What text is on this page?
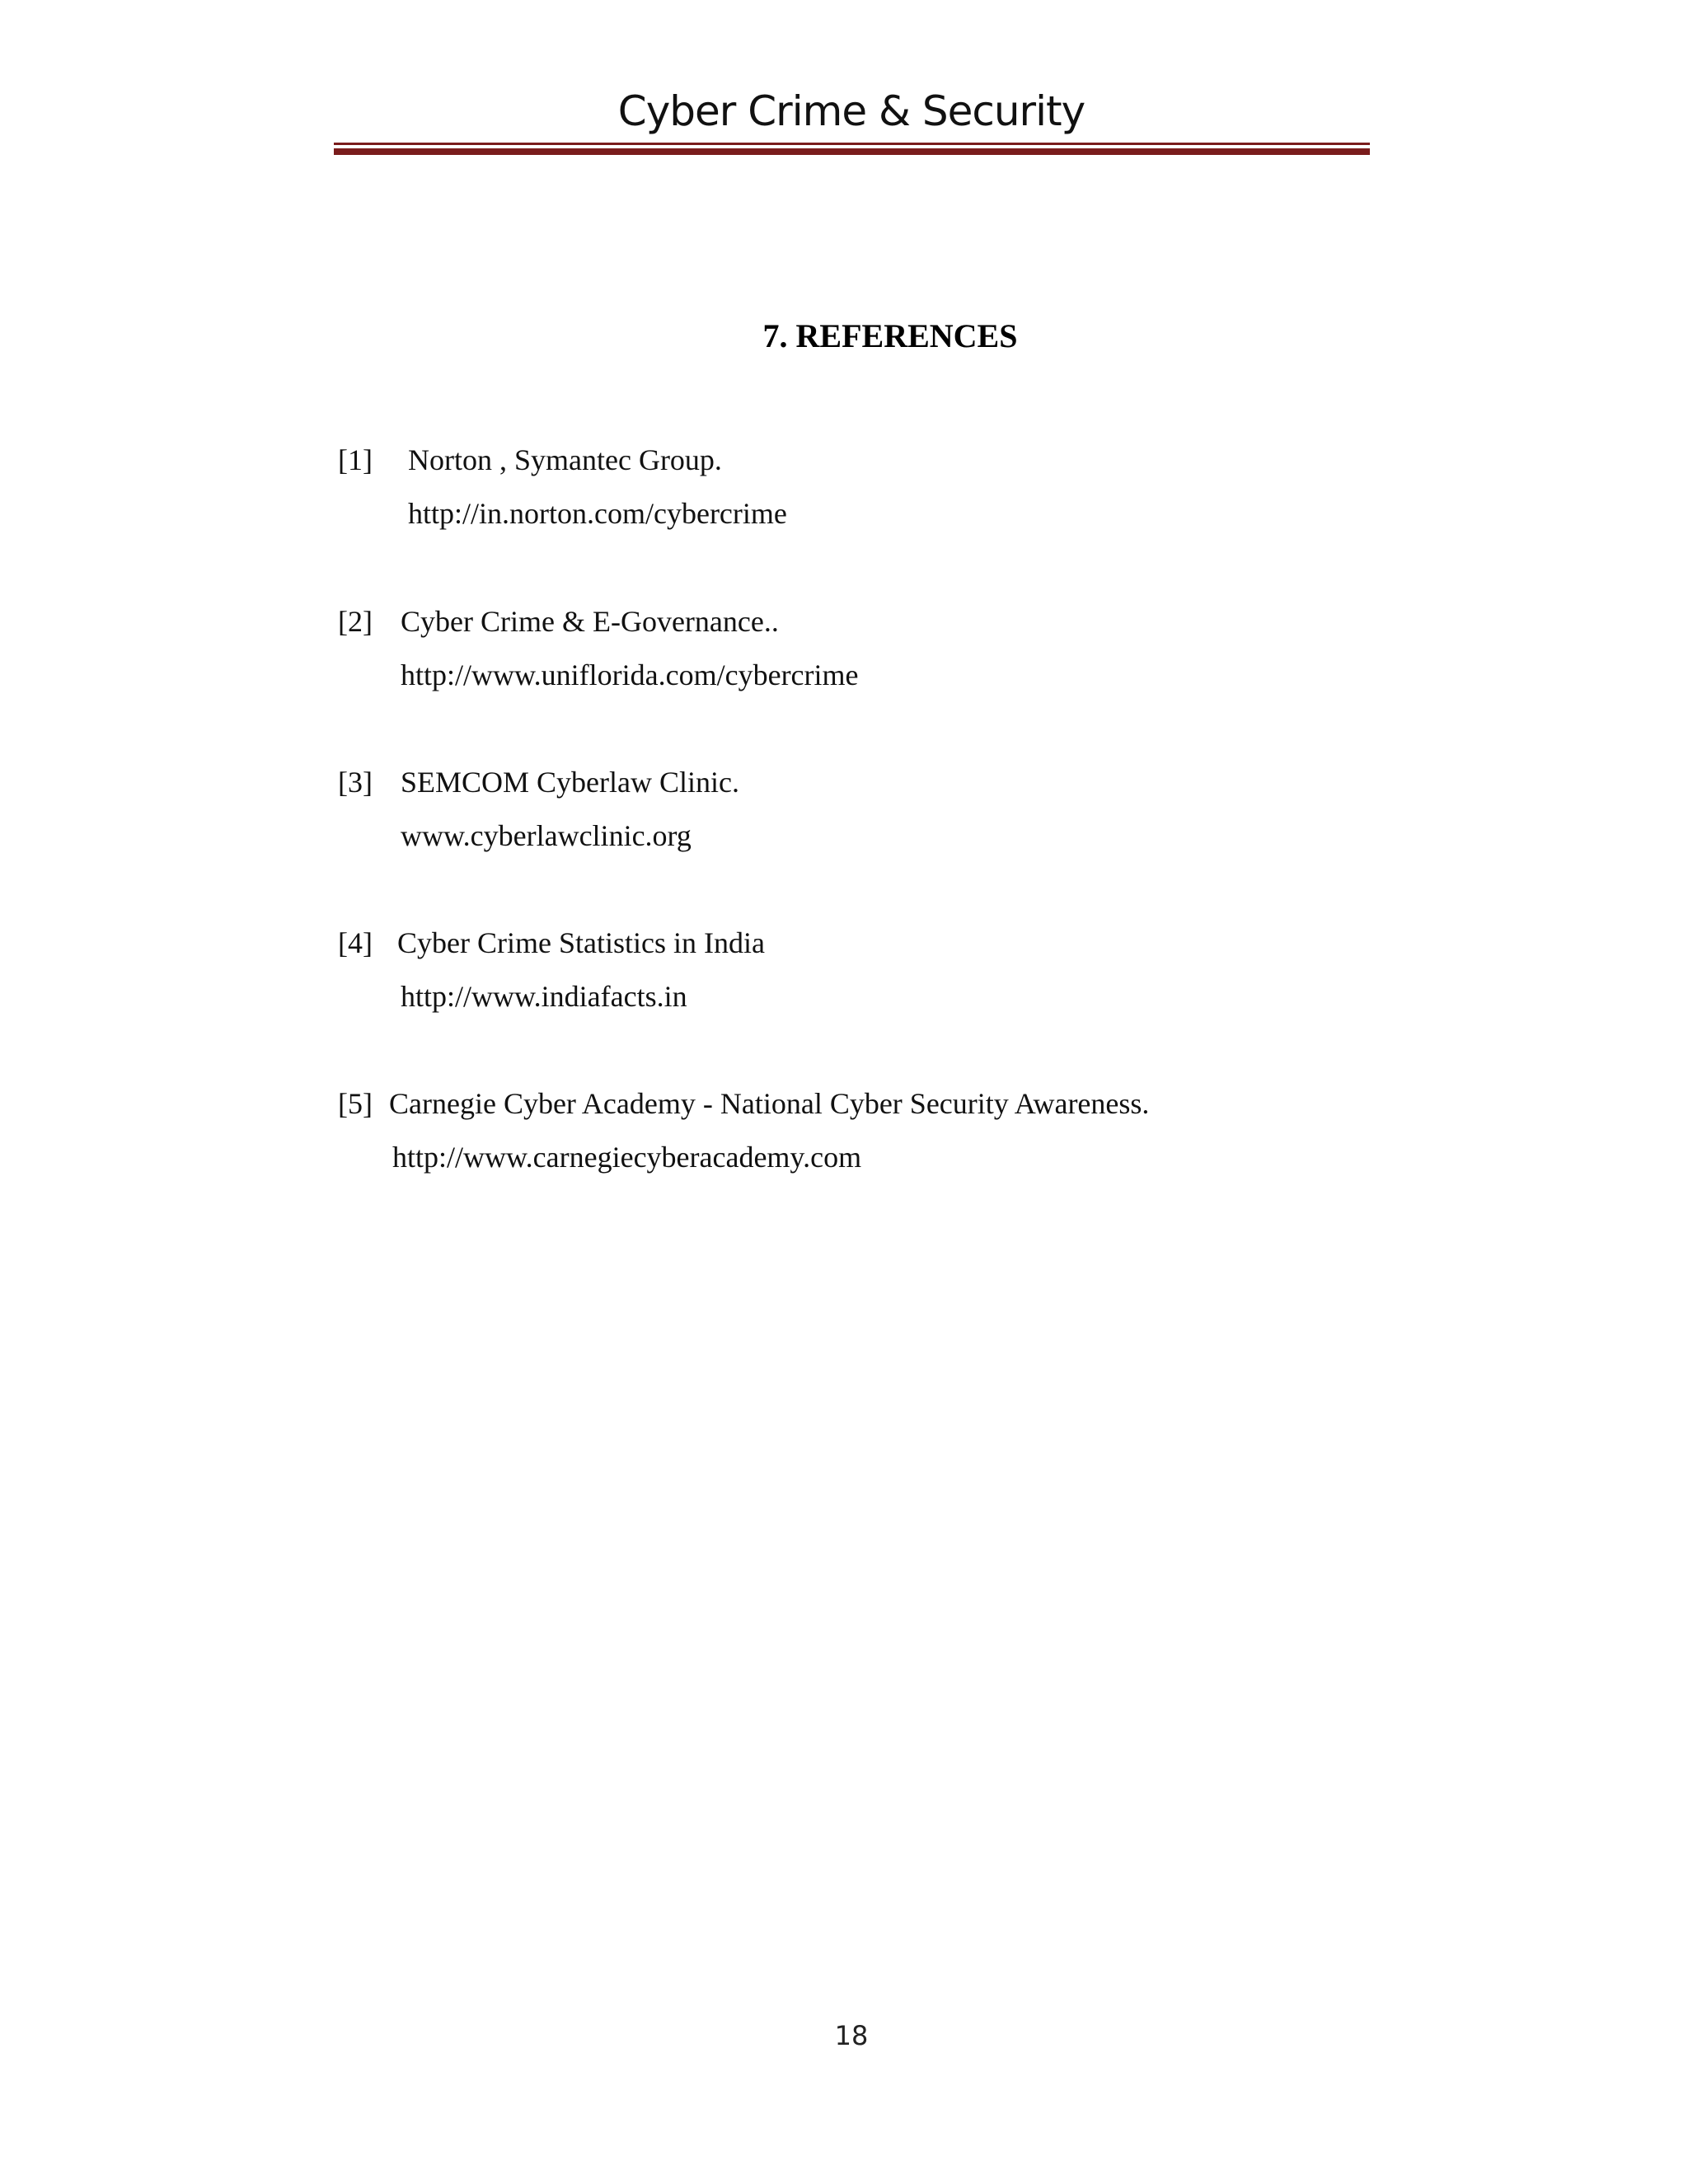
Cyber Crime & Security
7. REFERENCES
[1] Norton , Symantec Group.
http://in.norton.com/cybercrime
[2] Cyber Crime & E-Governance..
http://www.uniflorida.com/cybercrime
[3] SEMCOM Cyberlaw Clinic.
www.cyberlawclinic.org
[4] Cyber Crime Statistics in India
http://www.indiafacts.in
[5] Carnegie Cyber Academy - National Cyber Security Awareness.
http://www.carnegiecyberacademy.com
18
